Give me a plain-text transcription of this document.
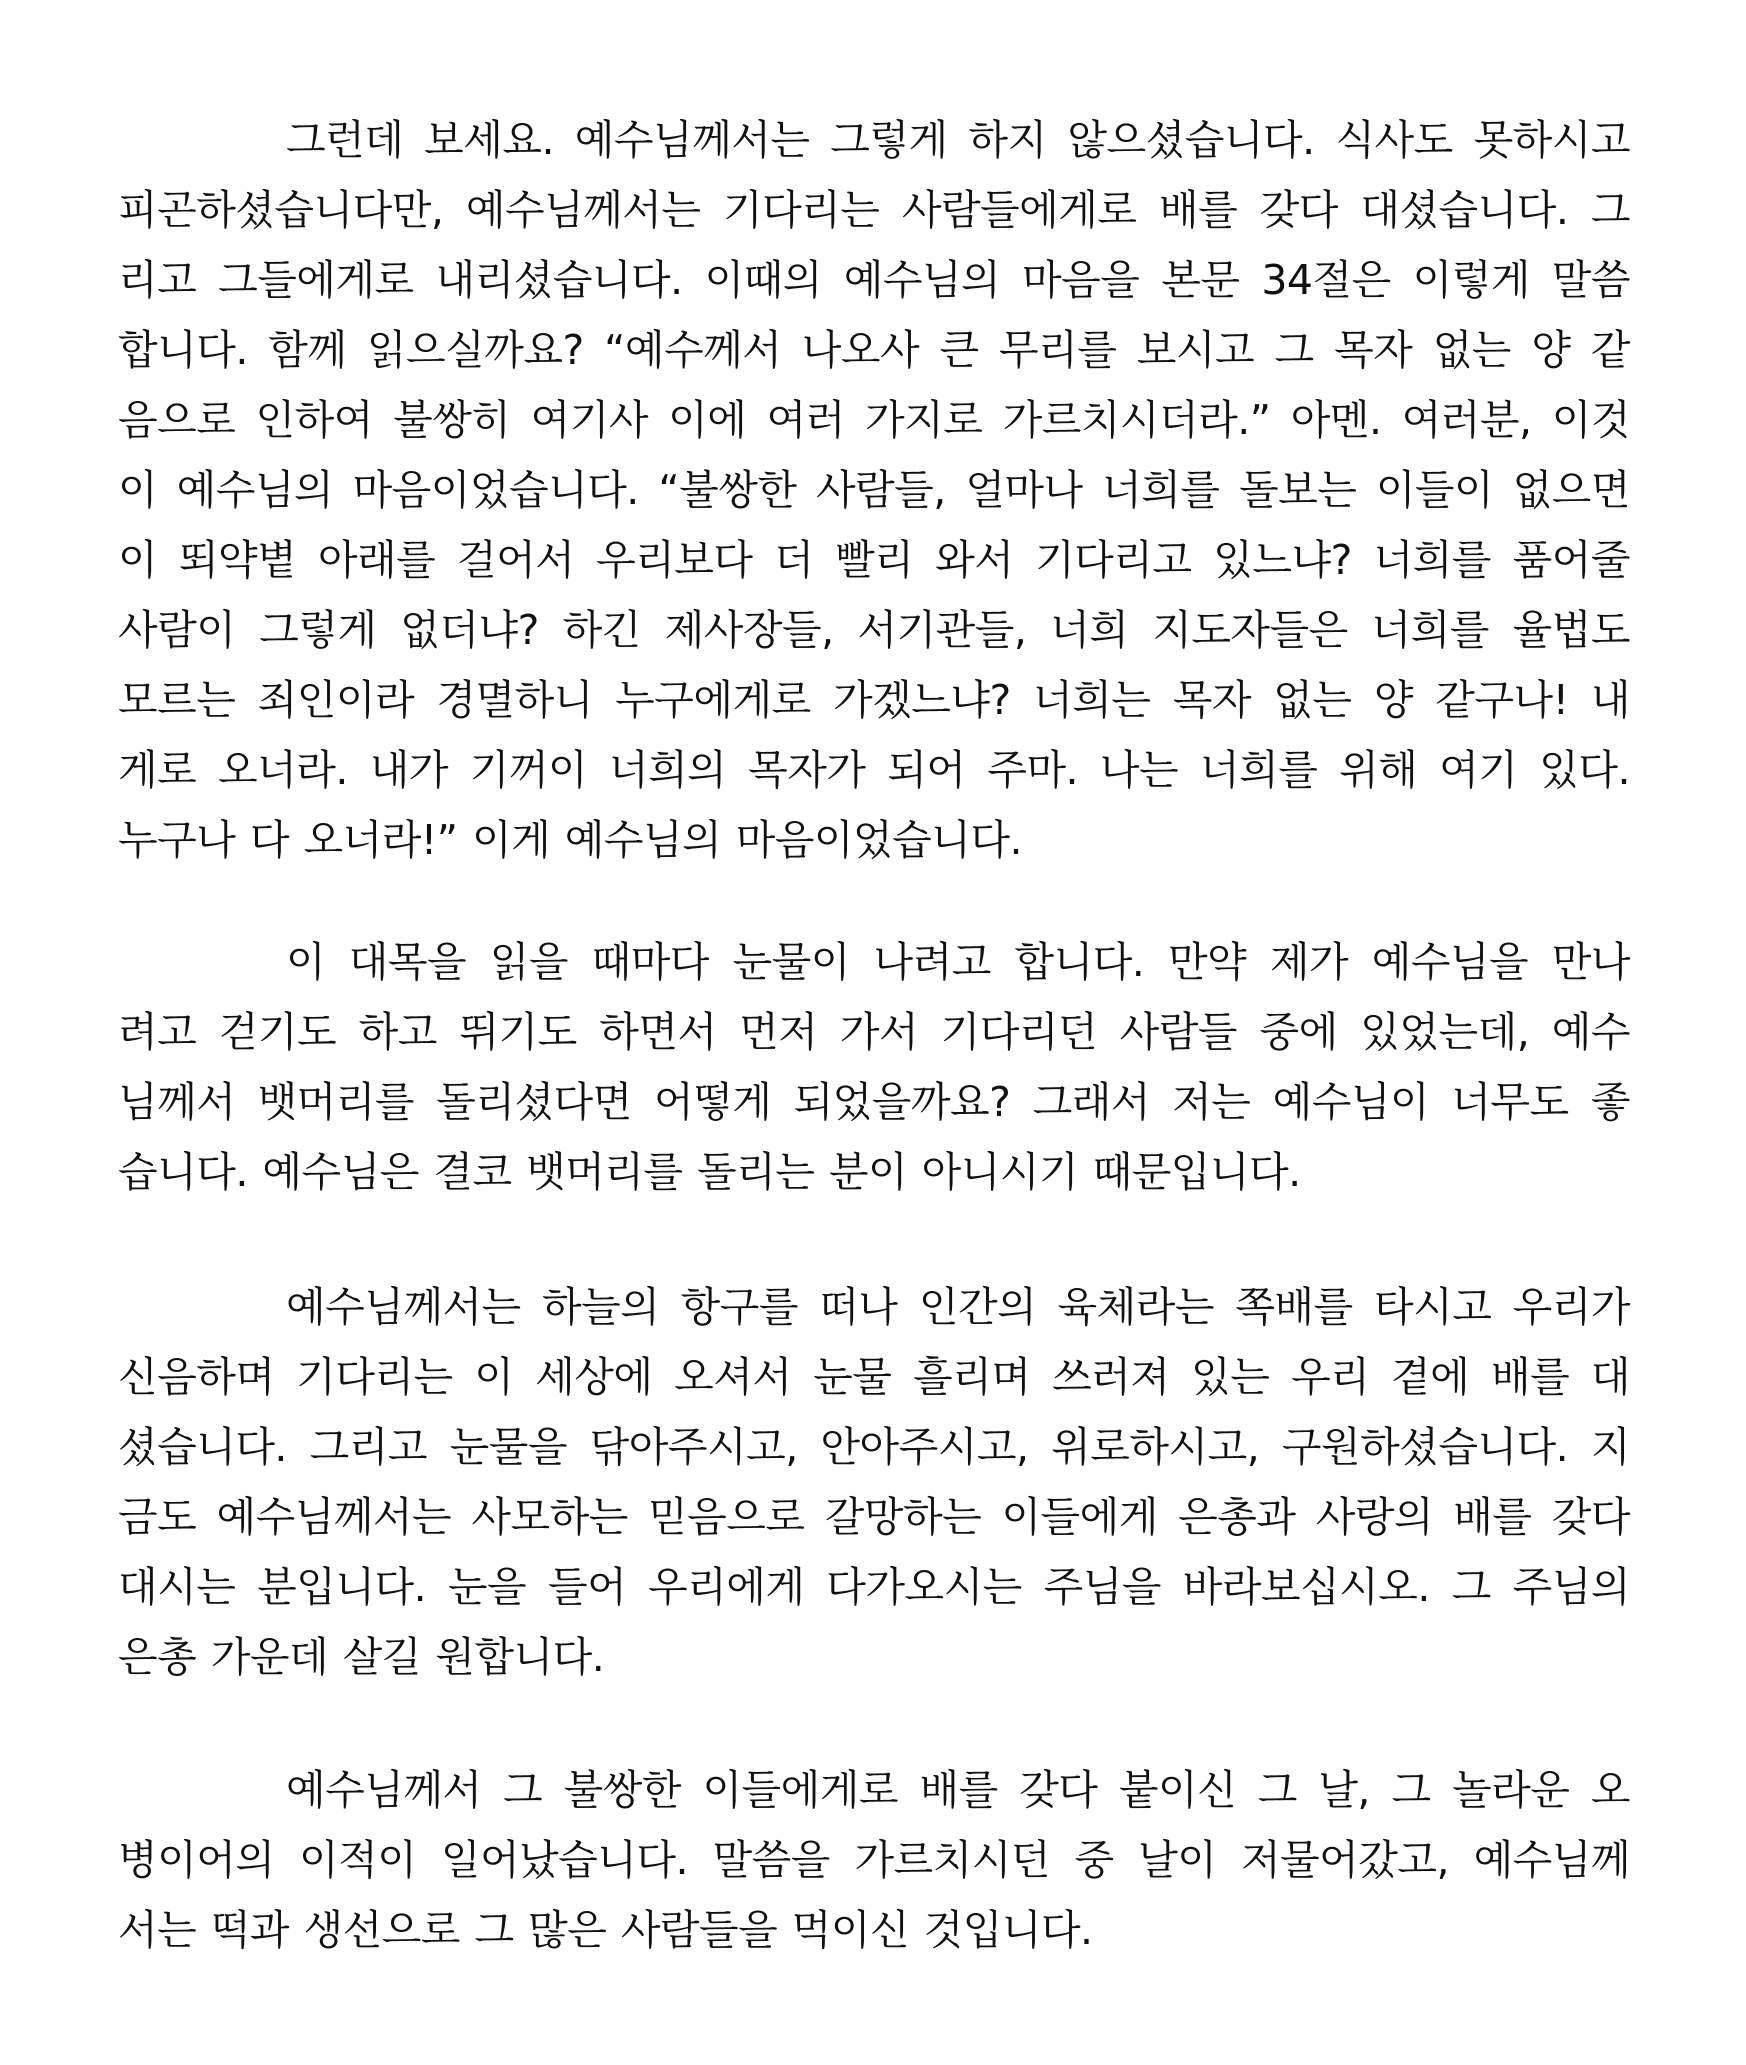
그런데 보세요. 예수님께서는 그렇게 하지 않으셨습니다. 식사도 못하시고
피곤하셨습니다만, 예수님께서는 기다리는 사람들에게로 배를 갖다 대셨습니다. 그
리고 그들에게로 내리셨습니다. 이때의 예수님의 마음을 본문 34절은 이렇게 말씀
합니다. 함께 읽으실까요? “예수께서 나오사 큰 무리를 보시고 그 목자 없는 양 같
음으로 인하여 불쌍히 여기사 이에 여러 가지로 가르치시더라.” 아멘. 여러분, 이것
이 예수님의 마음이었습니다. “불쌍한 사람들, 얼마나 너희를 돌보는 이들이 없으면
이 뙤약볕 아래를 걸어서 우리보다 더 빨리 와서 기다리고 있느냐? 너희를 품어줄
사람이 그렇게 없더냐? 하긴 제사장들, 서기관들, 너희 지도자들은 너희를 율법도
모르는 죄인이라 경멸하니 누구에게로 가겠느냐? 너희는 목자 없는 양 같구나! 내
게로 오너라. 내가 기꺼이 너희의 목자가 되어 주마. 나는 너희를 위해 여기 있다.
누구나 다 오너라!” 이게 예수님의 마음이었습니다.
이 대목을 읽을 때마다 눈물이 나려고 합니다. 만약 제가 예수님을 만나
려고 걷기도 하고 뛰기도 하면서 먼저 가서 기다리던 사람들 중에 있었는데, 예수
님께서 뱃머리를 돌리셨다면 어떻게 되었을까요? 그래서 저는 예수님이 너무도 좋
습니다. 예수님은 결코 뱃머리를 돌리는 분이 아니시기 때문입니다.
예수님께서는 하늘의 항구를 떠나 인간의 육체라는 쪽배를 타시고 우리가
신음하며 기다리는 이 세상에 오셔서 눈물 흘리며 쓰러져 있는 우리 곁에 배를 대
셨습니다. 그리고 눈물을 닦아주시고, 안아주시고, 위로하시고, 구원하셨습니다. 지
금도 예수님께서는 사모하는 믿음으로 갈망하는 이들에게 은총과 사랑의 배를 갖다
대시는 분입니다. 눈을 들어 우리에게 다가오시는 주님을 바라보십시오. 그 주님의
은총 가운데 살길 원합니다.
예수님께서 그 불쌍한 이들에게로 배를 갖다 붙이신 그 날, 그 놀라운 오
병이어의 이적이 일어났습니다. 말씀을 가르치시던 중 날이 저물어갔고, 예수님께
서는 떡과 생선으로 그 많은 사람들을 먹이신 것입니다.
